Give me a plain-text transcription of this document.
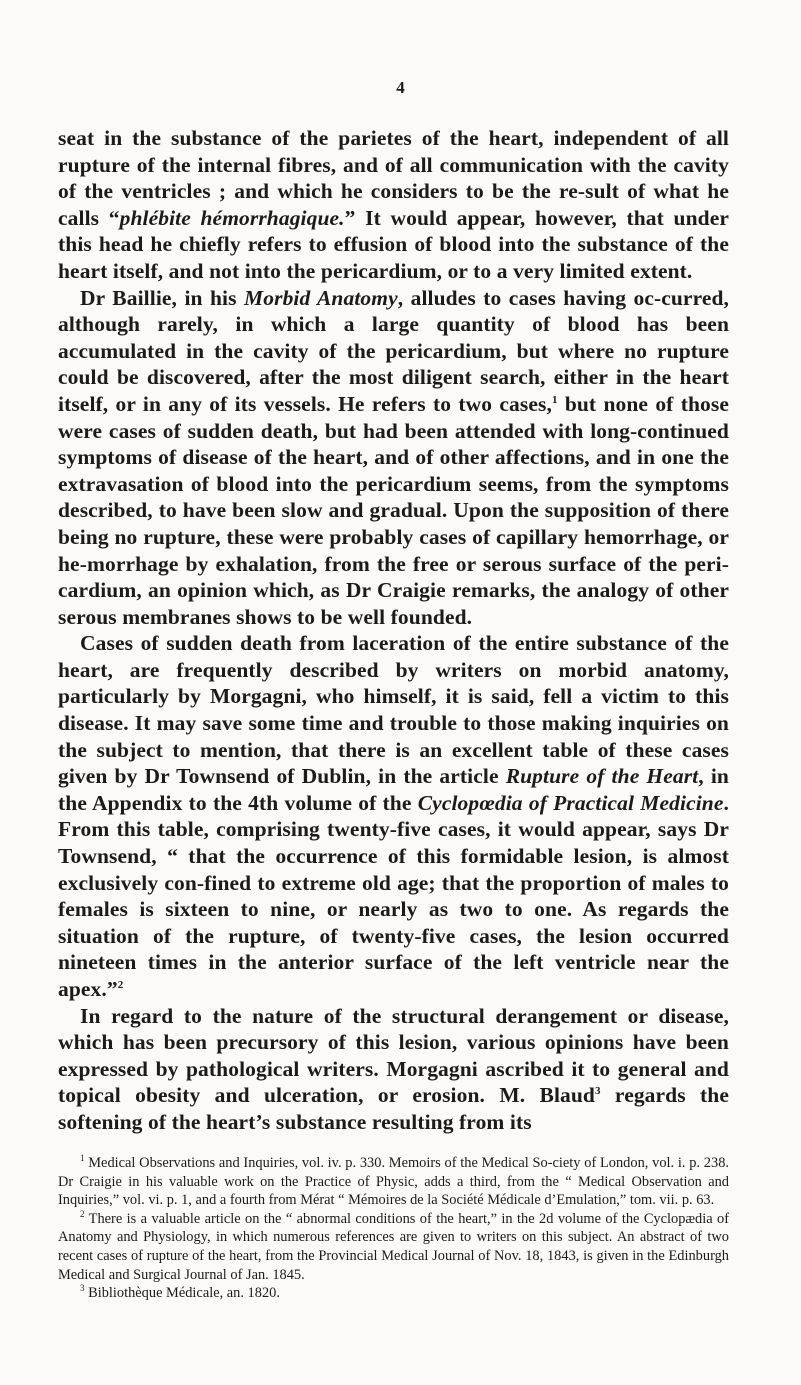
4

seat in the substance of the parietes of the heart, independent of all rupture of the internal fibres, and of all communication with the cavity of the ventricles ; and which he considers to be the re-sult of what he calls “phlébite hémorrhagique.” It would appear, however, that under this head he chiefly refers to effusion of blood into the substance of the heart itself, and not into the pericardium, or to a very limited extent.

Dr Baillie, in his Morbid Anatomy, alludes to cases having oc-curred, although rarely, in which a large quantity of blood has been accumulated in the cavity of the pericardium, but where no rupture could be discovered, after the most diligent search, either in the heart itself, or in any of its vessels. He refers to two cases,$^1$ but none of those were cases of sudden death, but had been attended with long-continued symptoms of disease of the heart, and of other affections, and in one the extravasation of blood into the pericardium seems, from the symptoms described, to have been slow and gradual. Upon the supposition of there being no rupture, these were probably cases of capillary hemorrhage, or he-morrhage by exhalation, from the free or serous surface of the peri-cardium, an opinion which, as Dr Craigie remarks, the analogy of other serous membranes shows to be well founded.

Cases of sudden death from laceration of the entire substance of the heart, are frequently described by writers on morbid anatomy, particularly by Morgagni, who himself, it is said, fell a victim to this disease. It may save some time and trouble to those making inquiries on the subject to mention, that there is an excellent table of these cases given by Dr Townsend of Dublin, in the article Rupture of the Heart, in the Appendix to the 4th volume of the Cyclopœdia of Practical Medicine. From this table, comprising twenty-five cases, it would appear, says Dr Townsend, “ that the occurrence of this formidable lesion, is almost exclusively con-fined to extreme old age; that the proportion of males to females is sixteen to nine, or nearly as two to one. As regards the situation of the rupture, of twenty-five cases, the lesion occurred nineteen times in the anterior surface of the left ventricle near the apex.”$^2$

In regard to the nature of the structural derangement or disease, which has been precursory of this lesion, various opinions have been expressed by pathological writers. Morgagni ascribed it to general and topical obesity and ulceration, or erosion. M. Blaud$^3$ regards the softening of the heart’s substance resulting from its

$^1$ Medical Observations and Inquiries, vol. iv. p. 330. Memoirs of the Medical So-ciety of London, vol. i. p. 238. Dr Craigie in his valuable work on the Practice of Physic, adds a third, from the “ Medical Observation and Inquiries,” vol. vi. p. 1, and a fourth from Mérat “ Mémoires de la Société Médicale d’Emulation,” tom. vii. p. 63.

$^2$ There is a valuable article on the “ abnormal conditions of the heart,” in the 2d volume of the Cyclopædia of Anatomy and Physiology, in which numerous references are given to writers on this subject. An abstract of two recent cases of rupture of the heart, from the Provincial Medical Journal of Nov. 18, 1843, is given in the Edinburgh Medical and Surgical Journal of Jan. 1845.

$^3$ Bibliothèque Médicale, an. 1820.
